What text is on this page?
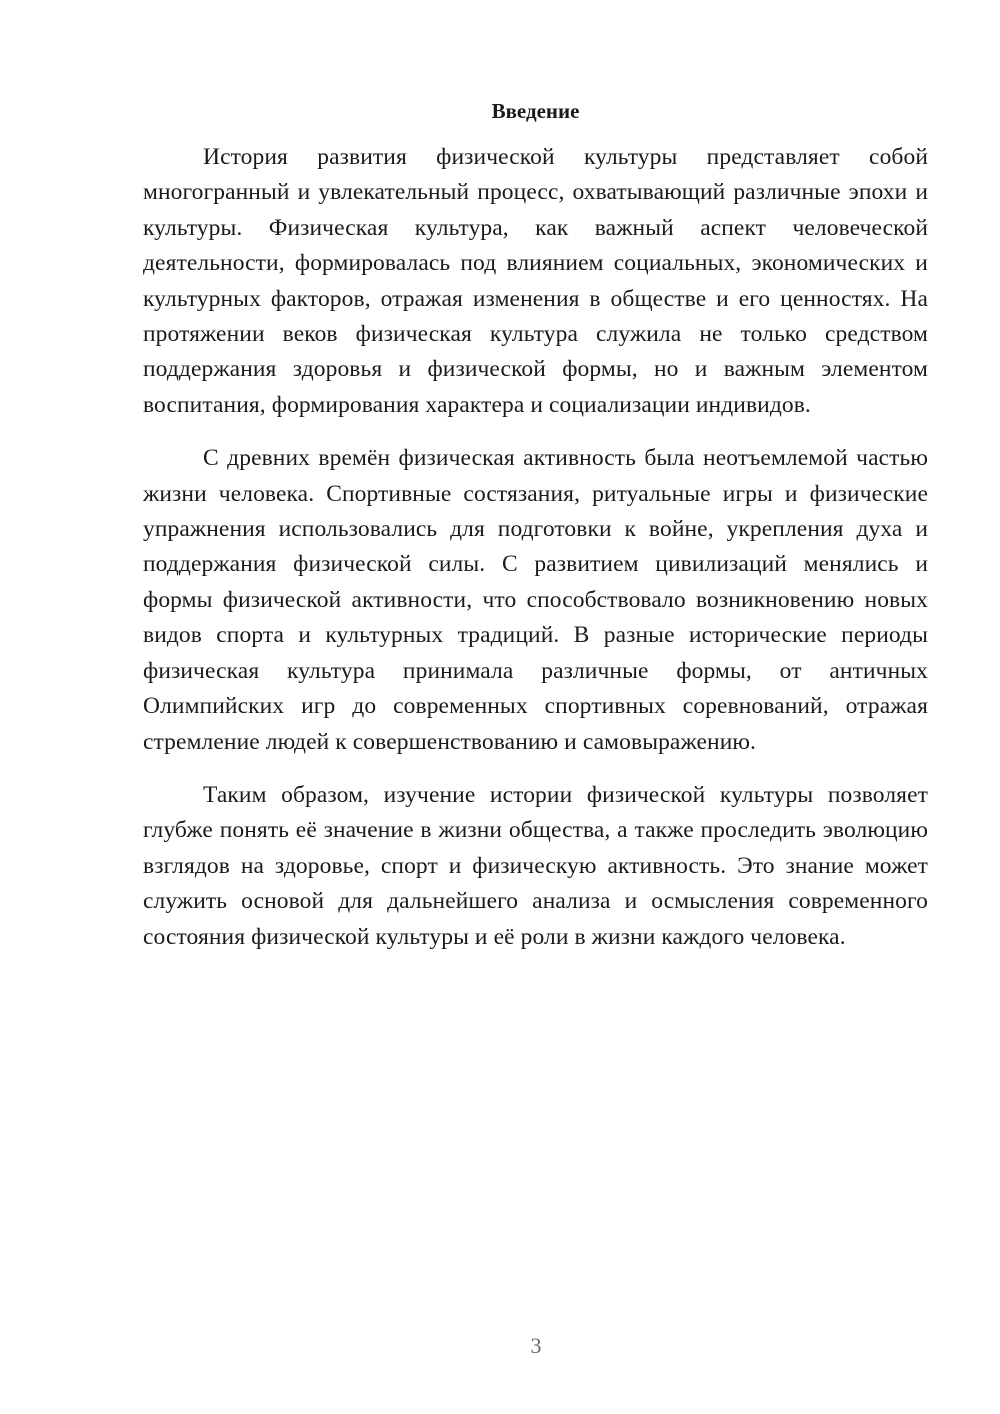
Введение

История развития физической культуры представляет собой многогранный и увлекательный процесс, охватывающий различные эпохи и культуры. Физическая культура, как важный аспект человеческой деятельности, формировалась под влиянием социальных, экономических и культурных факторов, отражая изменения в обществе и его ценностях. На протяжении веков физическая культура служила не только средством поддержания здоровья и физической формы, но и важным элементом воспитания, формирования характера и социализации индивидов.

С древних времён физическая активность была неотъемлемой частью жизни человека. Спортивные состязания, ритуальные игры и физические упражнения использовались для подготовки к войне, укрепления духа и поддержания физической силы. С развитием цивилизаций менялись и формы физической активности, что способствовало возникновению новых видов спорта и культурных традиций. В разные исторические периоды физическая культура принимала различные формы, от античных Олимпийских игр до современных спортивных соревнований, отражая стремление людей к совершенствованию и самовыражению.

Таким образом, изучение истории физической культуры позволяет глубже понять её значение в жизни общества, а также проследить эволюцию взглядов на здоровье, спорт и физическую активность. Это знание может служить основой для дальнейшего анализа и осмысления современного состояния физической культуры и её роли в жизни каждого человека.

3
